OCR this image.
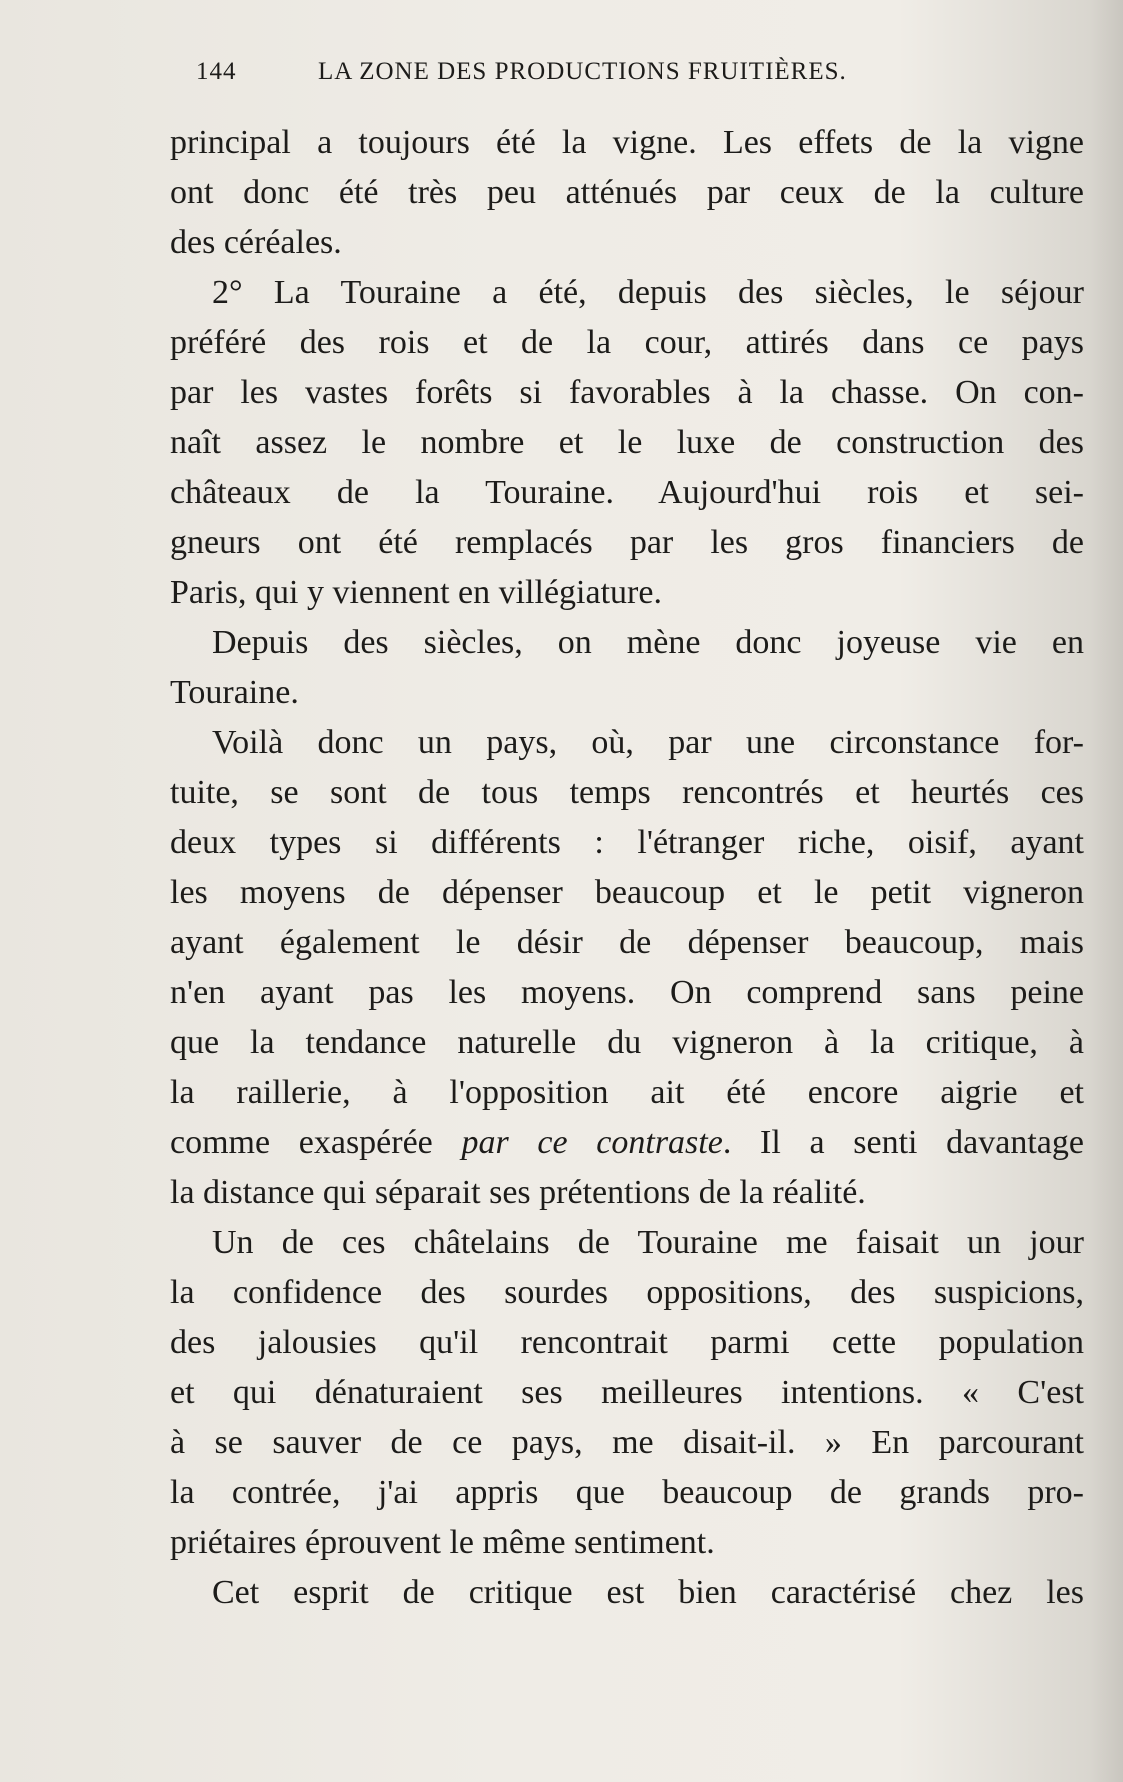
144	LA ZONE DES PRODUCTIONS FRUITIÈRES.
principal a toujours été la vigne. Les effets de la vigne
ont donc été très peu atténués par ceux de la culture
des céréales.
2° La Touraine a été, depuis des siècles, le séjour
préféré des rois et de la cour, attirés dans ce pays
par les vastes forêts si favorables à la chasse. On con-
naît assez le nombre et le luxe de construction des
châteaux de la Touraine. Aujourd'hui rois et sei-
gneurs ont été remplacés par les gros financiers de
Paris, qui y viennent en villégiature.
Depuis des siècles, on mène donc joyeuse vie en
Touraine.
Voilà donc un pays, où, par une circonstance for-
tuite, se sont de tous temps rencontrés et heurtés ces
deux types si différents : l'étranger riche, oisif, ayant
les moyens de dépenser beaucoup et le petit vigneron
ayant également le désir de dépenser beaucoup, mais
n'en ayant pas les moyens. On comprend sans peine
que la tendance naturelle du vigneron à la critique, à
la raillerie, à l'opposition ait été encore aigrie et
comme exaspérée par ce contraste. Il a senti davantage
la distance qui séparait ses prétentions de la réalité.
Un de ces châtelains de Touraine me faisait un jour
la confidence des sourdes oppositions, des suspicions,
des jalousies qu'il rencontrait parmi cette population
et qui dénaturaient ses meilleures intentions. « C'est
à se sauver de ce pays, me disait-il. » En parcourant
la contrée, j'ai appris que beaucoup de grands pro-
priétaires éprouvent le même sentiment.
Cet esprit de critique est bien caractérisé chez les
